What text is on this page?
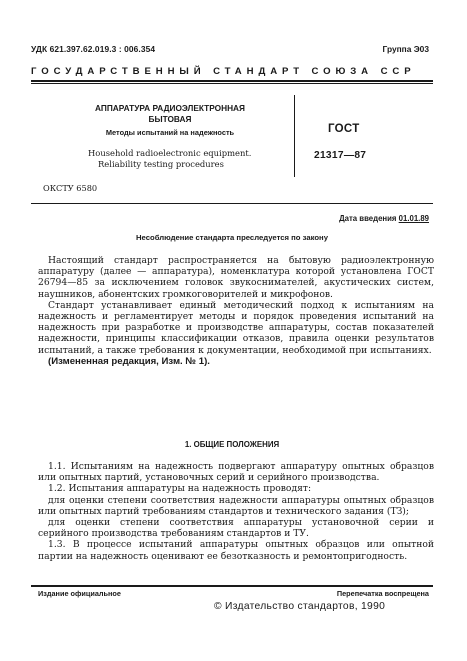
УДК 621.397.62.019.3 : 006.354	Группа Э03
ГОСУДАРСТВЕННЫЙ СТАНДАРТ СОЮЗА ССР
АППАРАТУРА РАДИОЭЛЕКТРОННАЯ БЫТОВАЯ
Методы испытаний на надежность
Household radioelectronic equipment.
Reliability testing procedures
ГОСТ
21317—87
ОКСТУ 6580
Дата введения 01.01.89
Несоблюдение стандарта преследуется по закону

Настоящий стандарт распространяется на бытовую радиоэлектронную аппаратуру (далее — аппаратура), номенклатура которой установлена ГОСТ 26794—85 за исключением головок звукоснимателей, акустических систем, наушников, абонентских громкоговорителей и микрофонов.

Стандарт устанавливает единый методический подход к испытаниям на надежность и регламентирует методы и порядок проведения испытаний на надежность при разработке и производстве аппаратуры, состав показателей надежности, принципы классификации отказов, правила оценки результатов испытаний, а также требования к документации, необходимой при испытаниях.

(Измененная редакция, Изм. № 1).

1. ОБЩИЕ ПОЛОЖЕНИЯ

1.1. Испытаниям на надежность подвергают аппаратуру опытных образцов или опытных партий, установочных серий и серийного производства.

1.2. Испытания аппаратуры на надежность проводят:

для оценки степени соответствия надежности аппаратуры опытных образцов или опытных партий требованиям стандартов и технического задания (ТЗ);

для оценки степени соответствия аппаратуры установочной серии и серийного производства требованиям стандартов и ТУ.

1.3. В процессе испытаний аппаратуры опытных образцов или опытной партии на надежность оценивают ее безотказность и ремонтопригодность.

Издание официальное	Перепечатка воспрещена
© Издательство стандартов, 1990
